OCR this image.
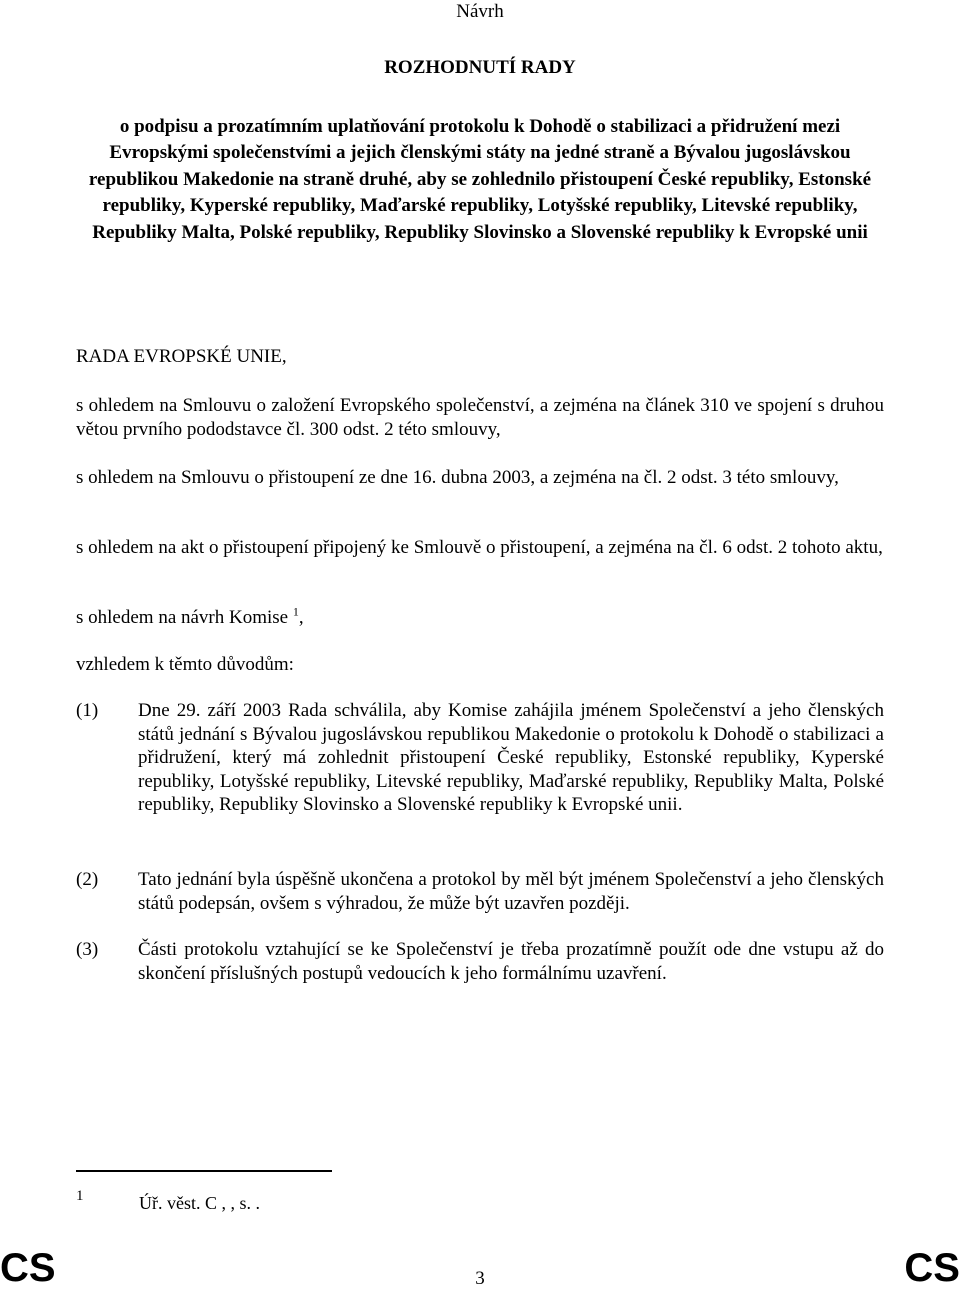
Návrh
ROZHODNUTÍ RADY
o podpisu a prozatímním uplatňování protokolu k Dohodě o stabilizaci a přidružení mezi Evropskými společenstvími a jejich členskými státy na jedné straně a Bývalou jugoslávskou republikou Makedonie na straně druhé, aby se zohlednilo přistoupení České republiky, Estonské republiky, Kyperské republiky, Maďarské republiky, Lotyšské republiky, Litevské republiky, Republiky Malta, Polské republiky, Republiky Slovinsko a Slovenské republiky k Evropské unii
RADA EVROPSKÉ UNIE,
s ohledem na Smlouvu o založení Evropského společenství, a zejména na článek 310 ve spojení s druhou větou prvního pododstavce čl. 300 odst. 2 této smlouvy,
s ohledem na Smlouvu o přistoupení ze dne 16. dubna 2003, a zejména na čl. 2 odst. 3 této smlouvy,
s ohledem na akt o přistoupení připojený ke Smlouvě o přistoupení, a zejména na čl. 6 odst. 2 tohoto aktu,
s ohledem na návrh Komise $^1$,
vzhledem k těmto důvodům:
(1)	Dne 29. září 2003 Rada schválila, aby Komise zahájila jménem Společenství a jeho členských států jednání s Bývalou jugoslávskou republikou Makedonie o protokolu k Dohodě o stabilizaci a přidružení, který má zohlednit přistoupení České republiky, Estonské republiky, Kyperské republiky, Lotyšské republiky, Litevské republiky, Maďarské republiky, Republiky Malta, Polské republiky, Republiky Slovinsko a Slovenské republiky k Evropské unii.
(2)	Tato jednání byla úspěšně ukončena a protokol by měl být jménem Společenství a jeho členských států podepsán, ovšem s výhradou, že může být uzavřen později.
(3)	Části protokolu vztahující se ke Společenství je třeba prozatímně použít ode dne vstupu až do skončení příslušných postupů vedoucích k jeho formálnímu uzavření.
1	Úř. věst. C , , s. .
CS	3	CS
